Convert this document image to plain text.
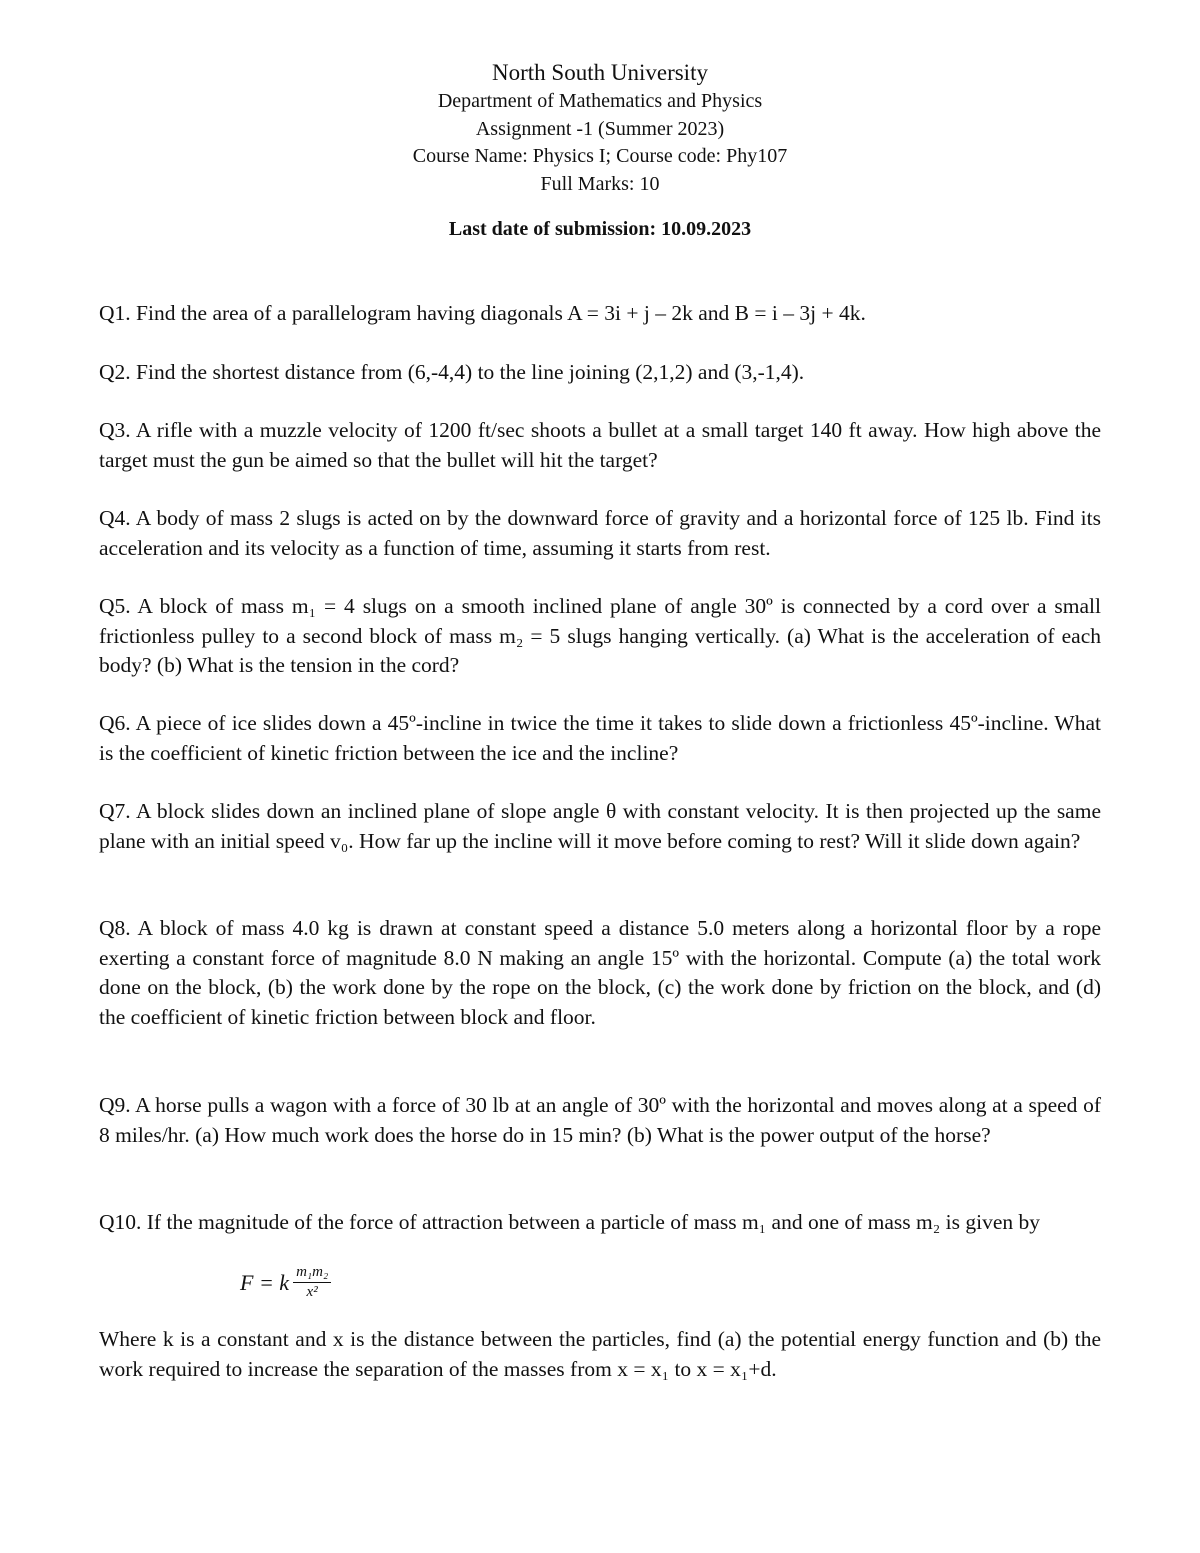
North South University
Department of Mathematics and Physics
Assignment -1 (Summer 2023)
Course Name: Physics I; Course code: Phy107
Full Marks: 10
Last date of submission: 10.09.2023

Q1. Find the area of a parallelogram having diagonals A = 3i + j – 2k and B = i – 3j + 4k.

Q2. Find the shortest distance from (6,-4,4) to the line joining (2,1,2) and (3,-1,4).

Q3. A rifle with a muzzle velocity of 1200 ft/sec shoots a bullet at a small target 140 ft away. How high above the target must the gun be aimed so that the bullet will hit the target?

Q4. A body of mass 2 slugs is acted on by the downward force of gravity and a horizontal force of 125 lb. Find its acceleration and its velocity as a function of time, assuming it starts from rest.

Q5. A block of mass m₁ = 4 slugs on a smooth inclined plane of angle 30º is connected by a cord over a small frictionless pulley to a second block of mass m₂ = 5 slugs hanging vertically. (a) What is the acceleration of each body? (b) What is the tension in the cord?

Q6. A piece of ice slides down a 45º-incline in twice the time it takes to slide down a frictionless 45º-incline. What is the coefficient of kinetic friction between the ice and the incline?

Q7. A block slides down an inclined plane of slope angle θ with constant velocity. It is then projected up the same plane with an initial speed v₀. How far up the incline will it move before coming to rest? Will it slide down again?

Q8. A block of mass 4.0 kg is drawn at constant speed a distance 5.0 meters along a horizontal floor by a rope exerting a constant force of magnitude 8.0 N making an angle 15º with the horizontal. Compute (a) the total work done on the block, (b) the work done by the rope on the block, (c) the work done by friction on the block, and (d) the coefficient of kinetic friction between block and floor.

Q9. A horse pulls a wagon with a force of 30 lb at an angle of 30º with the horizontal and moves along at a speed of 8 miles/hr. (a) How much work does the horse do in 15 min? (b) What is the power output of the horse?

Q10. If the magnitude of the force of attraction between a particle of mass m₁ and one of mass m₂ is given by

F = k $\frac{\text{m₁m₂}}{\text{x²}}$

Where k is a constant and x is the distance between the particles, find (a) the potential energy function and (b) the work required to increase the separation of the masses from x = x₁ to x = x₁+d.
